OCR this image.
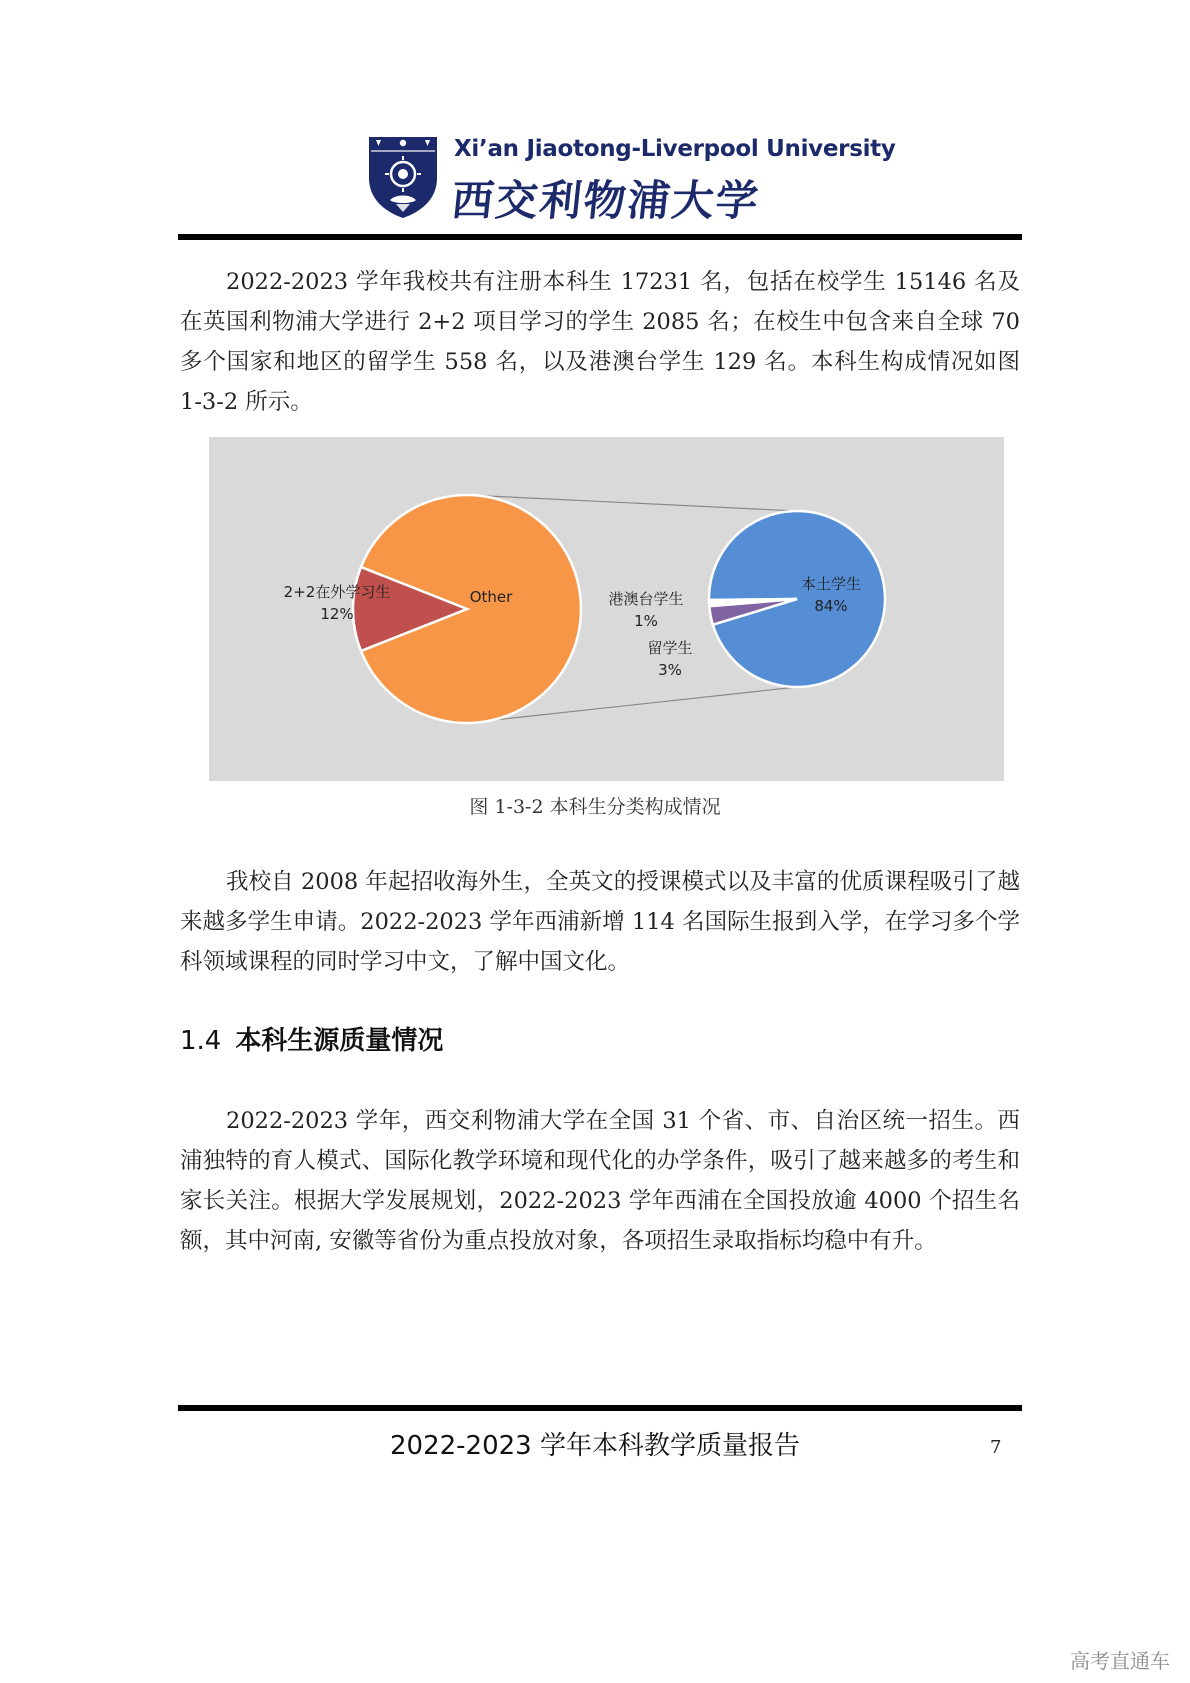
Xi’an Jiaotong-Liverpool University
西交利物浦大学

2022-2023 学年我校共有注册本科生 17231 名，包括在校学生 15146 名及在英国利物浦大学进行 2+2 项目学习的学生 2085 名；在校生中包含来自全球 70 多个国家和地区的留学生 558 名，以及港澳台学生 129 名。本科生构成情况如图 1-3-2 所示。

Other
2+2在外学习生
12%
本土学生
84%
港澳台学生
1%
留学生
3%
图 1-3-2 本科生分类构成情况

我校自 2008 年起招收海外生，全英文的授课模式以及丰富的优质课程吸引了越来越多学生申请。2022-2023 学年西浦新增 114 名国际生报到入学，在学习多个学科领域课程的同时学习中文，了解中国文化。

1.4 本科生源质量情况

2022-2023 学年，西交利物浦大学在全国 31 个省、市、自治区统一招生。西浦独特的育人模式、国际化教学环境和现代化的办学条件，吸引了越来越多的考生和家长关注。根据大学发展规划，2022-2023 学年西浦在全国投放逾 4000 个招生名额，其中河南, 安徽等省份为重点投放对象，各项招生录取指标均稳中有升。

2022-2023 学年本科教学质量报告	7
高考直通车
